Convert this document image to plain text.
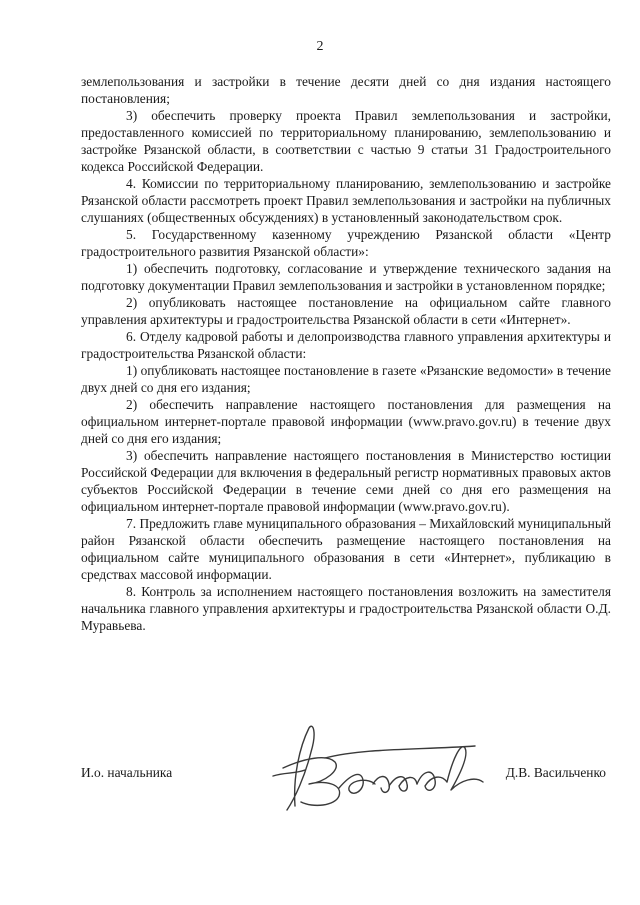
2

землепользования и застройки в течение десяти дней со дня издания настоящего постановления;

3) обеспечить проверку проекта Правил землепользования и застройки, предоставленного комиссией по территориальному планированию, землепользованию и застройке Рязанской области, в соответствии с частью 9 статьи 31 Градостроительного кодекса Российской Федерации.

4. Комиссии по территориальному планированию, землепользованию и застройке Рязанской области рассмотреть проект Правил землепользования и застройки на публичных слушаниях (общественных обсуждениях) в установленный законодательством срок.

5. Государственному казенному учреждению Рязанской области «Центр градостроительного развития Рязанской области»:

1) обеспечить подготовку, согласование и утверждение технического задания на подготовку документации Правил землепользования и застройки в установленном порядке;

2) опубликовать настоящее постановление на официальном сайте главного управления архитектуры и градостроительства Рязанской области в сети «Интернет».

6. Отделу кадровой работы и делопроизводства главного управления архитектуры и градостроительства Рязанской области:

1) опубликовать настоящее постановление в газете «Рязанские ведомости» в течение двух дней со дня его издания;

2) обеспечить направление настоящего постановления для размещения на официальном интернет-портале правовой информации (www.pravo.gov.ru) в течение двух дней со дня его издания;

3) обеспечить направление настоящего постановления в Министерство юстиции Российской Федерации для включения в федеральный регистр нормативных правовых актов субъектов Российской Федерации в течение семи дней со дня его размещения на официальном интернет-портале правовой информации (www.pravo.gov.ru).

7. Предложить главе муниципального образования – Михайловский муниципальный район Рязанской области обеспечить размещение настоящего постановления на официальном сайте муниципального образования в сети «Интернет», публикацию в средствах массовой информации.

8. Контроль за исполнением настоящего постановления возложить на заместителя начальника главного управления архитектуры и градостроительства Рязанской области О.Д. Муравьева.

И.о. начальника	Д.В. Васильченко
